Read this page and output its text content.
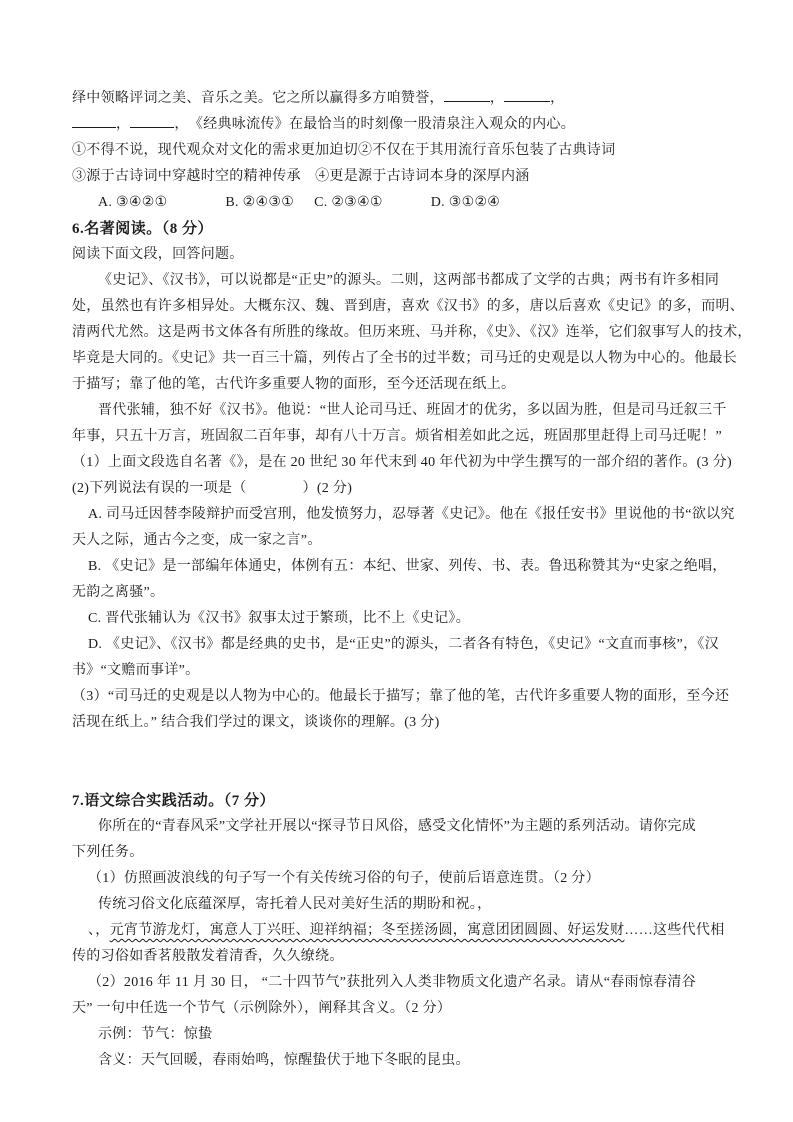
绎中领略评词之美、音乐之美。它之所以赢得多方咱赞誉，	，	，
，	，　《经典咏流传》在最恰当的时刻像一股清泉注入观众的内心。
①不得不说，现代观众对文化的需求更加迫切②不仅在于其用流行音乐包装了古典诗词
③源于古诗词中穿越时空的精神传承　④更是源于古诗词本身的深厚内涵
A. ③④②①	B. ②④③① C. ②③④①	D. ③①②④
6.名著阅读。（8 分）
阅读下面文段，回答问题。
《史记》、《汉书》，可以说都是“正史”的源头。二则，这两部书都成了文学的古典；两书有许多相同
处，虽然也有许多相异处。大概东汉、魏、晋到唐，喜欢《汉书》的多，唐以后喜欢《史记》的多，而明、
清两代尤然。这是两书文体各有所胜的缘故。但历来班、马并称，《史》、《汉》连举，它们叙事写人的技术，
毕竟是大同的。《史记》共一百三十篇，列传占了全书的过半数；司马迁的史观是以人物为中心的。他最长
于描写；靠了他的笔，古代许多重要人物的面形，至今还活现在纸上。
晋代张辅，独不好《汉书》。他说：“世人论司马迁、班固才的优劣，多以固为胜，但是司马迁叙三千
年事，只五十万言，班固叙二百年事，却有八十万言。烦省相差如此之远，班固那里赶得上司马迁呢！”
（1）上面文段选自名著《》，是在 20 世纪 30 年代末到 40 年代初为中学生撰写的一部介绍的著作。(3 分)
(2)下列说法有误的一项是（	）(2 分)
A. 司马迁因替李陵辩护而受宫刑，他发愤努力，忍辱著《史记》。他在《报任安书》里说他的书“欲以究
天人之际，通古今之变，成一家之言”。
B. 《史记》是一部编年体通史，体例有五：本纪、世家、列传、书、表。鲁迅称赞其为“史家之绝唱，
无韵之离骚”。
C. 晋代张辅认为《汉书》叙事太过于繁琐，比不上《史记》。
D. 《史记》、《汉书》都是经典的史书，是“正史”的源头，二者各有特色，《史记》“文直而事核”，《汉
书》“文赡而事详”。
（3）“司马迁的史观是以人物为中心的。他最长于描写；靠了他的笔，古代许多重要人物的面形，至今还
活现在纸上。” 结合我们学过的课文，谈谈你的理解。(3 分)
7.语文综合实践活动。（7 分）
你所在的“青春风采”文学社开展以“探寻节日风俗，感受文化情怀”为主题的系列活动。请你完成
下列任务。
（1）仿照画波浪线的句子写一个有关传统习俗的句子，使前后语意连贯。（2 分）
传统习俗文化底蕴深厚，寄托着人民对美好生活的期盼和祝。，
、，元宵节游龙灯，寓意人丁兴旺、迎祥纳福；冬至搓汤圆，寓意团团圆圆、好运发财……这些代代相
传的习俗如香茗般散发着清香，久久缭绕。
（2）2016 年 11 月 30 日， “二十四节气”获批列入人类非物质文化遗产名录。请从“春雨惊春清谷
天” 一句中任选一个节气（示例除外），阐释其含义。（2 分）
示例：节气：惊蛰
含义：天气回暖，春雨始鸣，惊醒蛰伏于地下冬眠的昆虫。
